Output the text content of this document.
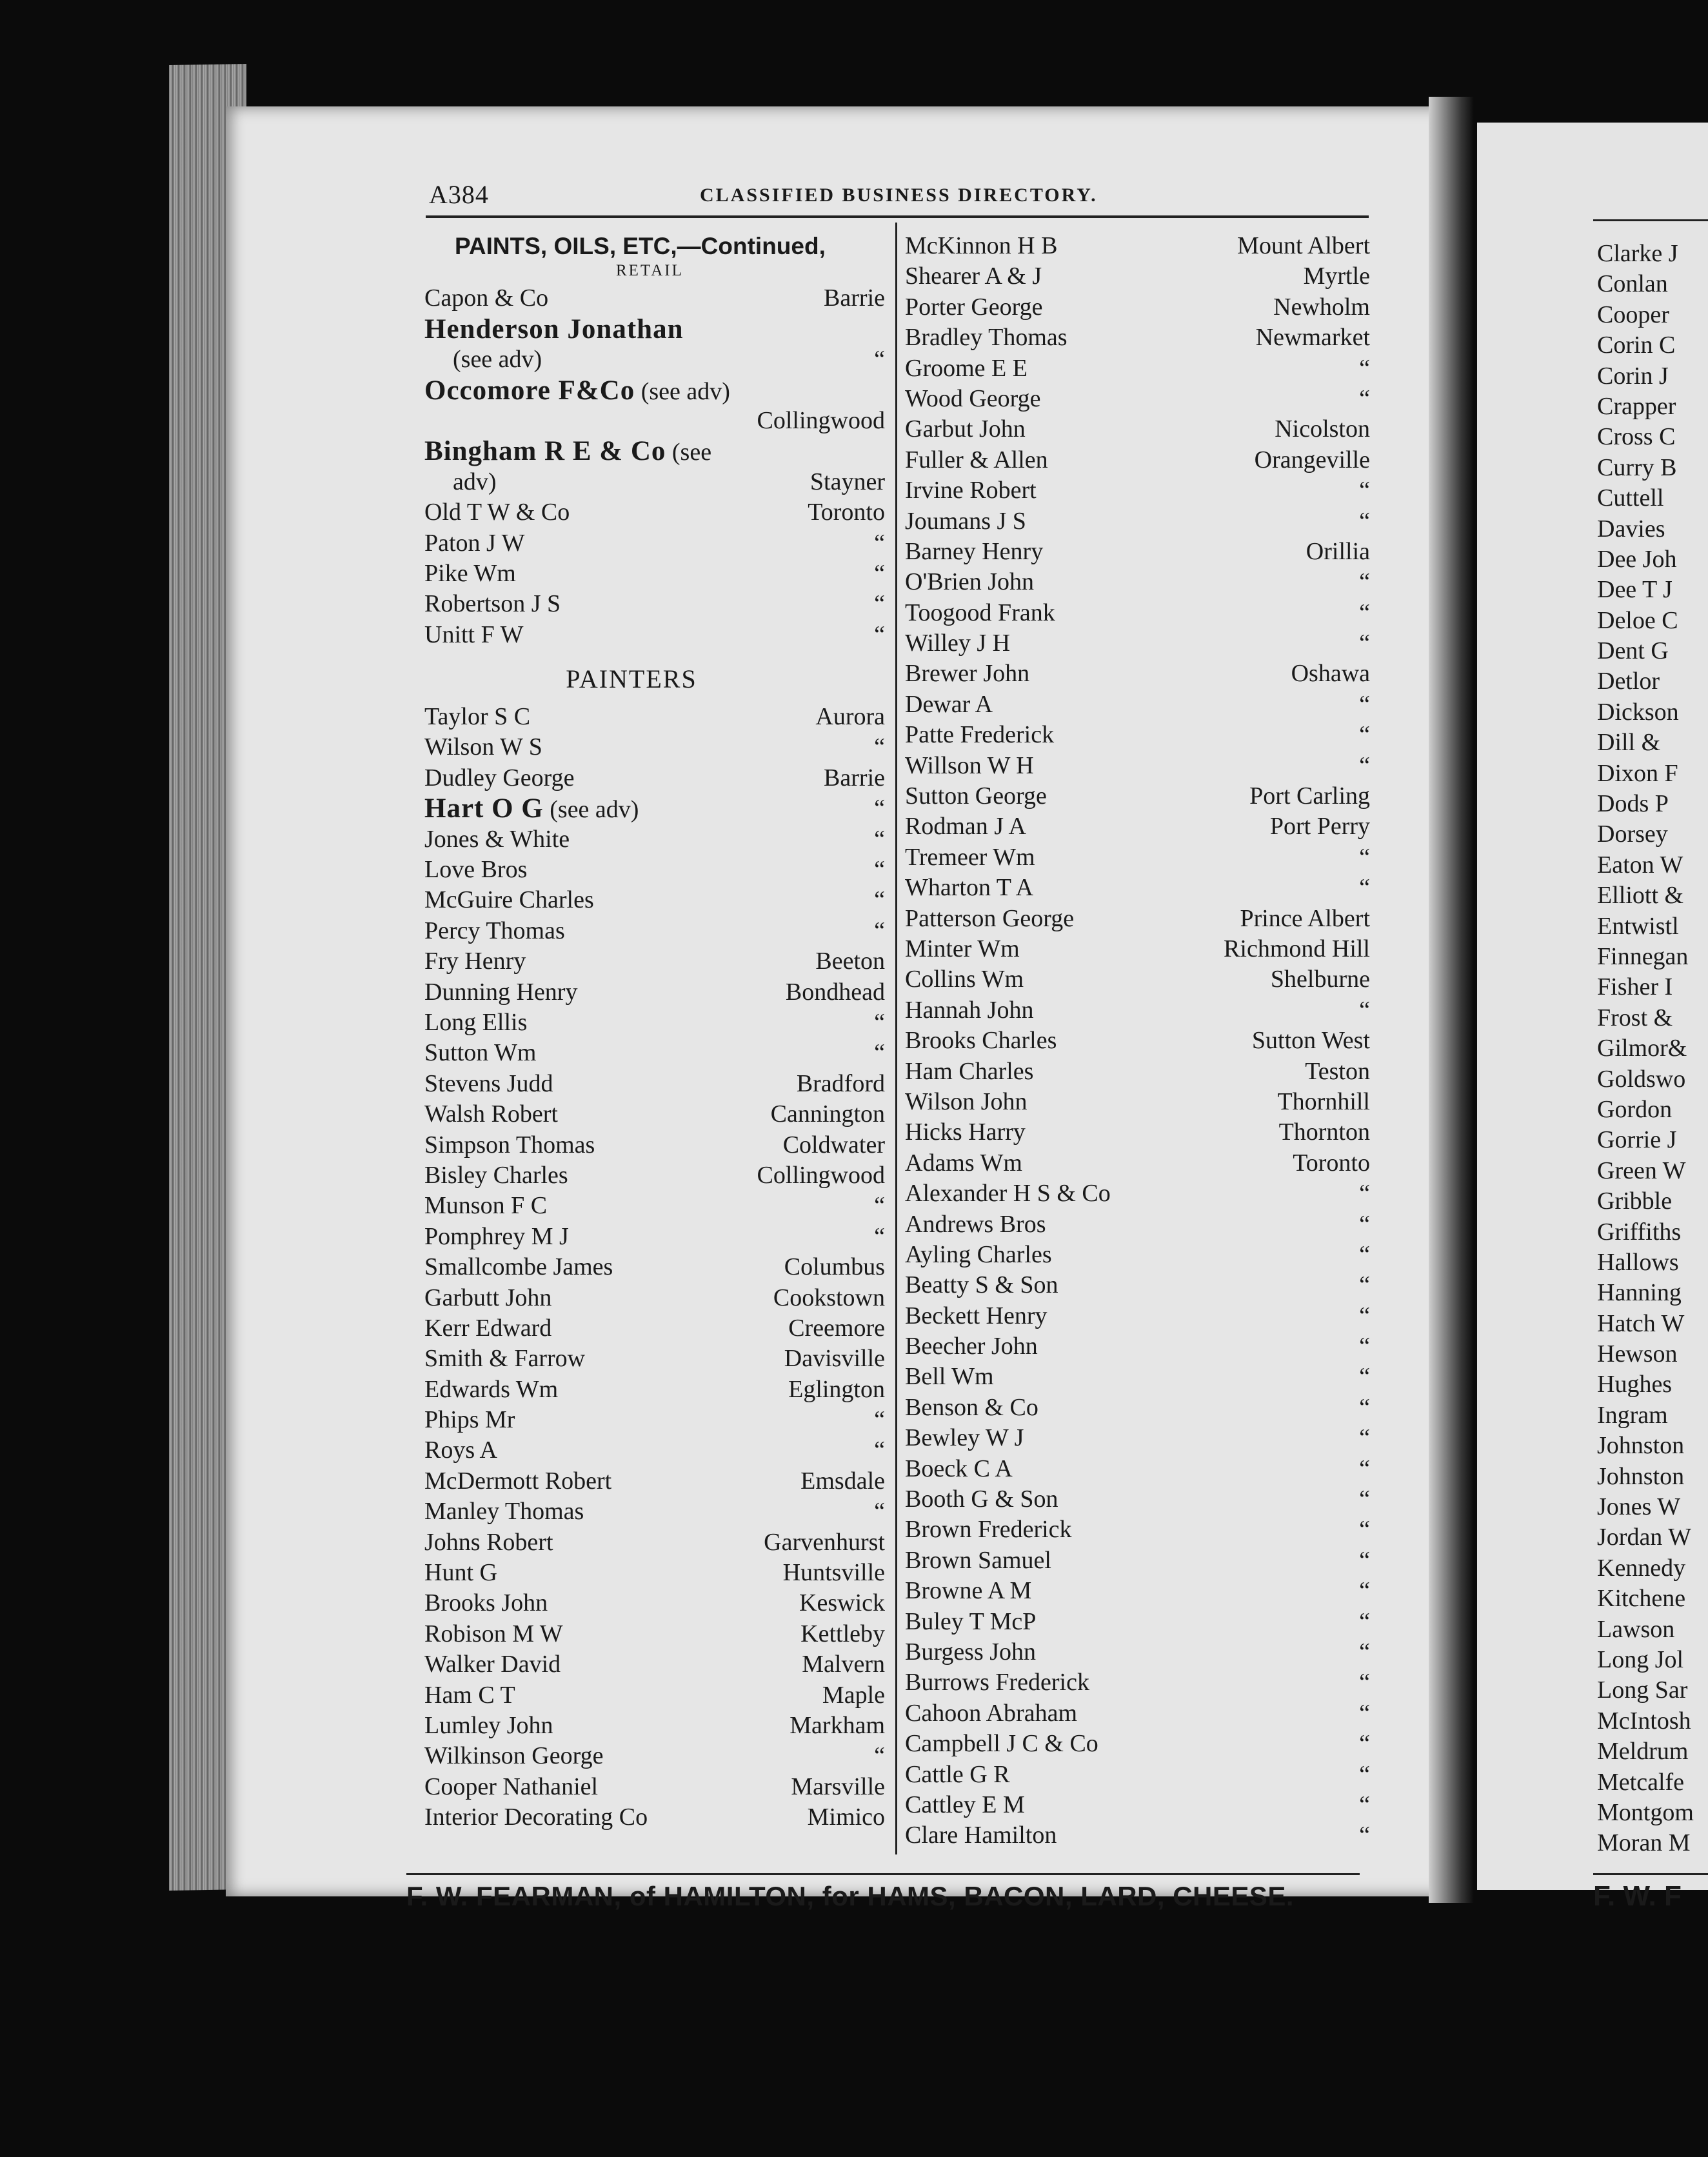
A384	CLASSIFIED BUSINESS DIRECTORY.
PAINTS, OILS, ETC,—Continued,
RETAIL
Capon & Co	Barrie
Henderson Jonathan
(see adv)	“
Occomore F&Co (see adv)
Collingwood
Bingham R E & Co (see
adv)	Stayner
Old T W & Co	Toronto
Paton J W	“
Pike Wm	“
Robertson J S	“
Unitt F W	“
PAINTERS
Taylor S C	Aurora
Wilson W S	“
Dudley George	Barrie
Hart O G (see adv)	“
Jones & White	“
Love Bros	“
McGuire Charles	“
Percy Thomas	“
Fry Henry	Beeton
Dunning Henry	Bondhead
Long Ellis	“
Sutton Wm	“
Stevens Judd	Bradford
Walsh Robert	Cannington
Simpson Thomas	Coldwater
Bisley Charles	Collingwood
Munson F C	“
Pomphrey M J	“
Smallcombe James	Columbus
Garbutt John	Cookstown
Kerr Edward	Creemore
Smith & Farrow	Davisville
Edwards Wm	Eglington
Phips Mr	“
Roys A	“
McDermott Robert	Emsdale
Manley Thomas	“
Johns Robert	Garvenhurst
Hunt G	Huntsville
Brooks John	Keswick
Robison M W	Kettleby
Walker David	Malvern
Ham C T	Maple
Lumley John	Markham
Wilkinson George	“
Cooper Nathaniel	Marsville
Interior Decorating Co	Mimico
McKinnon H B	Mount Albert
Shearer A & J	Myrtle
Porter George	Newholm
Bradley Thomas	Newmarket
Groome E E	“
Wood George	“
Garbut John	Nicolston
Fuller & Allen	Orangeville
Irvine Robert	“
Joumans J S	“
Barney Henry	Orillia
O'Brien John	“
Toogood Frank	“
Willey J H	“
Brewer John	Oshawa
Dewar A	“
Patte Frederick	“
Willson W H	“
Sutton George	Port Carling
Rodman J A	Port Perry
Tremeer Wm	“
Wharton T A	“
Patterson George	Prince Albert
Minter Wm	Richmond Hill
Collins Wm	Shelburne
Hannah John	“
Brooks Charles	Sutton West
Ham Charles	Teston
Wilson John	Thornhill
Hicks Harry	Thornton
Adams Wm	Toronto
Alexander H S & Co	“
Andrews Bros	“
Ayling Charles	“
Beatty S & Son	“
Beckett Henry	“
Beecher John	“
Bell Wm	“
Benson & Co	“
Bewley W J	“
Boeck C A	“
Booth G & Son	“
Brown Frederick	“
Brown Samuel	“
Browne A M	“
Buley T McP	“
Burgess John	“
Burrows Frederick	“
Cahoon Abraham	“
Campbell J C & Co	“
Cattle G R	“
Cattley E M	“
Clare Hamilton	“
F. W. FEARMAN, of HAMILTON, for HAMS, BACON, LARD, CHEESE.
Clarke J
Conlan
Cooper
Corin C
Corin J
Crapper
Cross C
Curry B
Cuttell
Davies
Dee Joh
Dee T J
Deloe C
Dent G
Detlor
Dickson
Dill &
Dixon F
Dods P
Dorsey
Eaton W
Elliott &
Entwistl
Finnegan
Fisher I
Frost &
Gilmor&
Goldswo
Gordon
Gorrie J
Green W
Gribble
Griffiths
Hallows
Hanning
Hatch W
Hewson
Hughes
Ingram
Johnston
Johnston
Jones W
Jordan W
Kennedy
Kitchene
Lawson
Long Jol
Long Sar
McIntosh
Meldrum
Metcalfe
Montgom
Moran M
F. W. F
